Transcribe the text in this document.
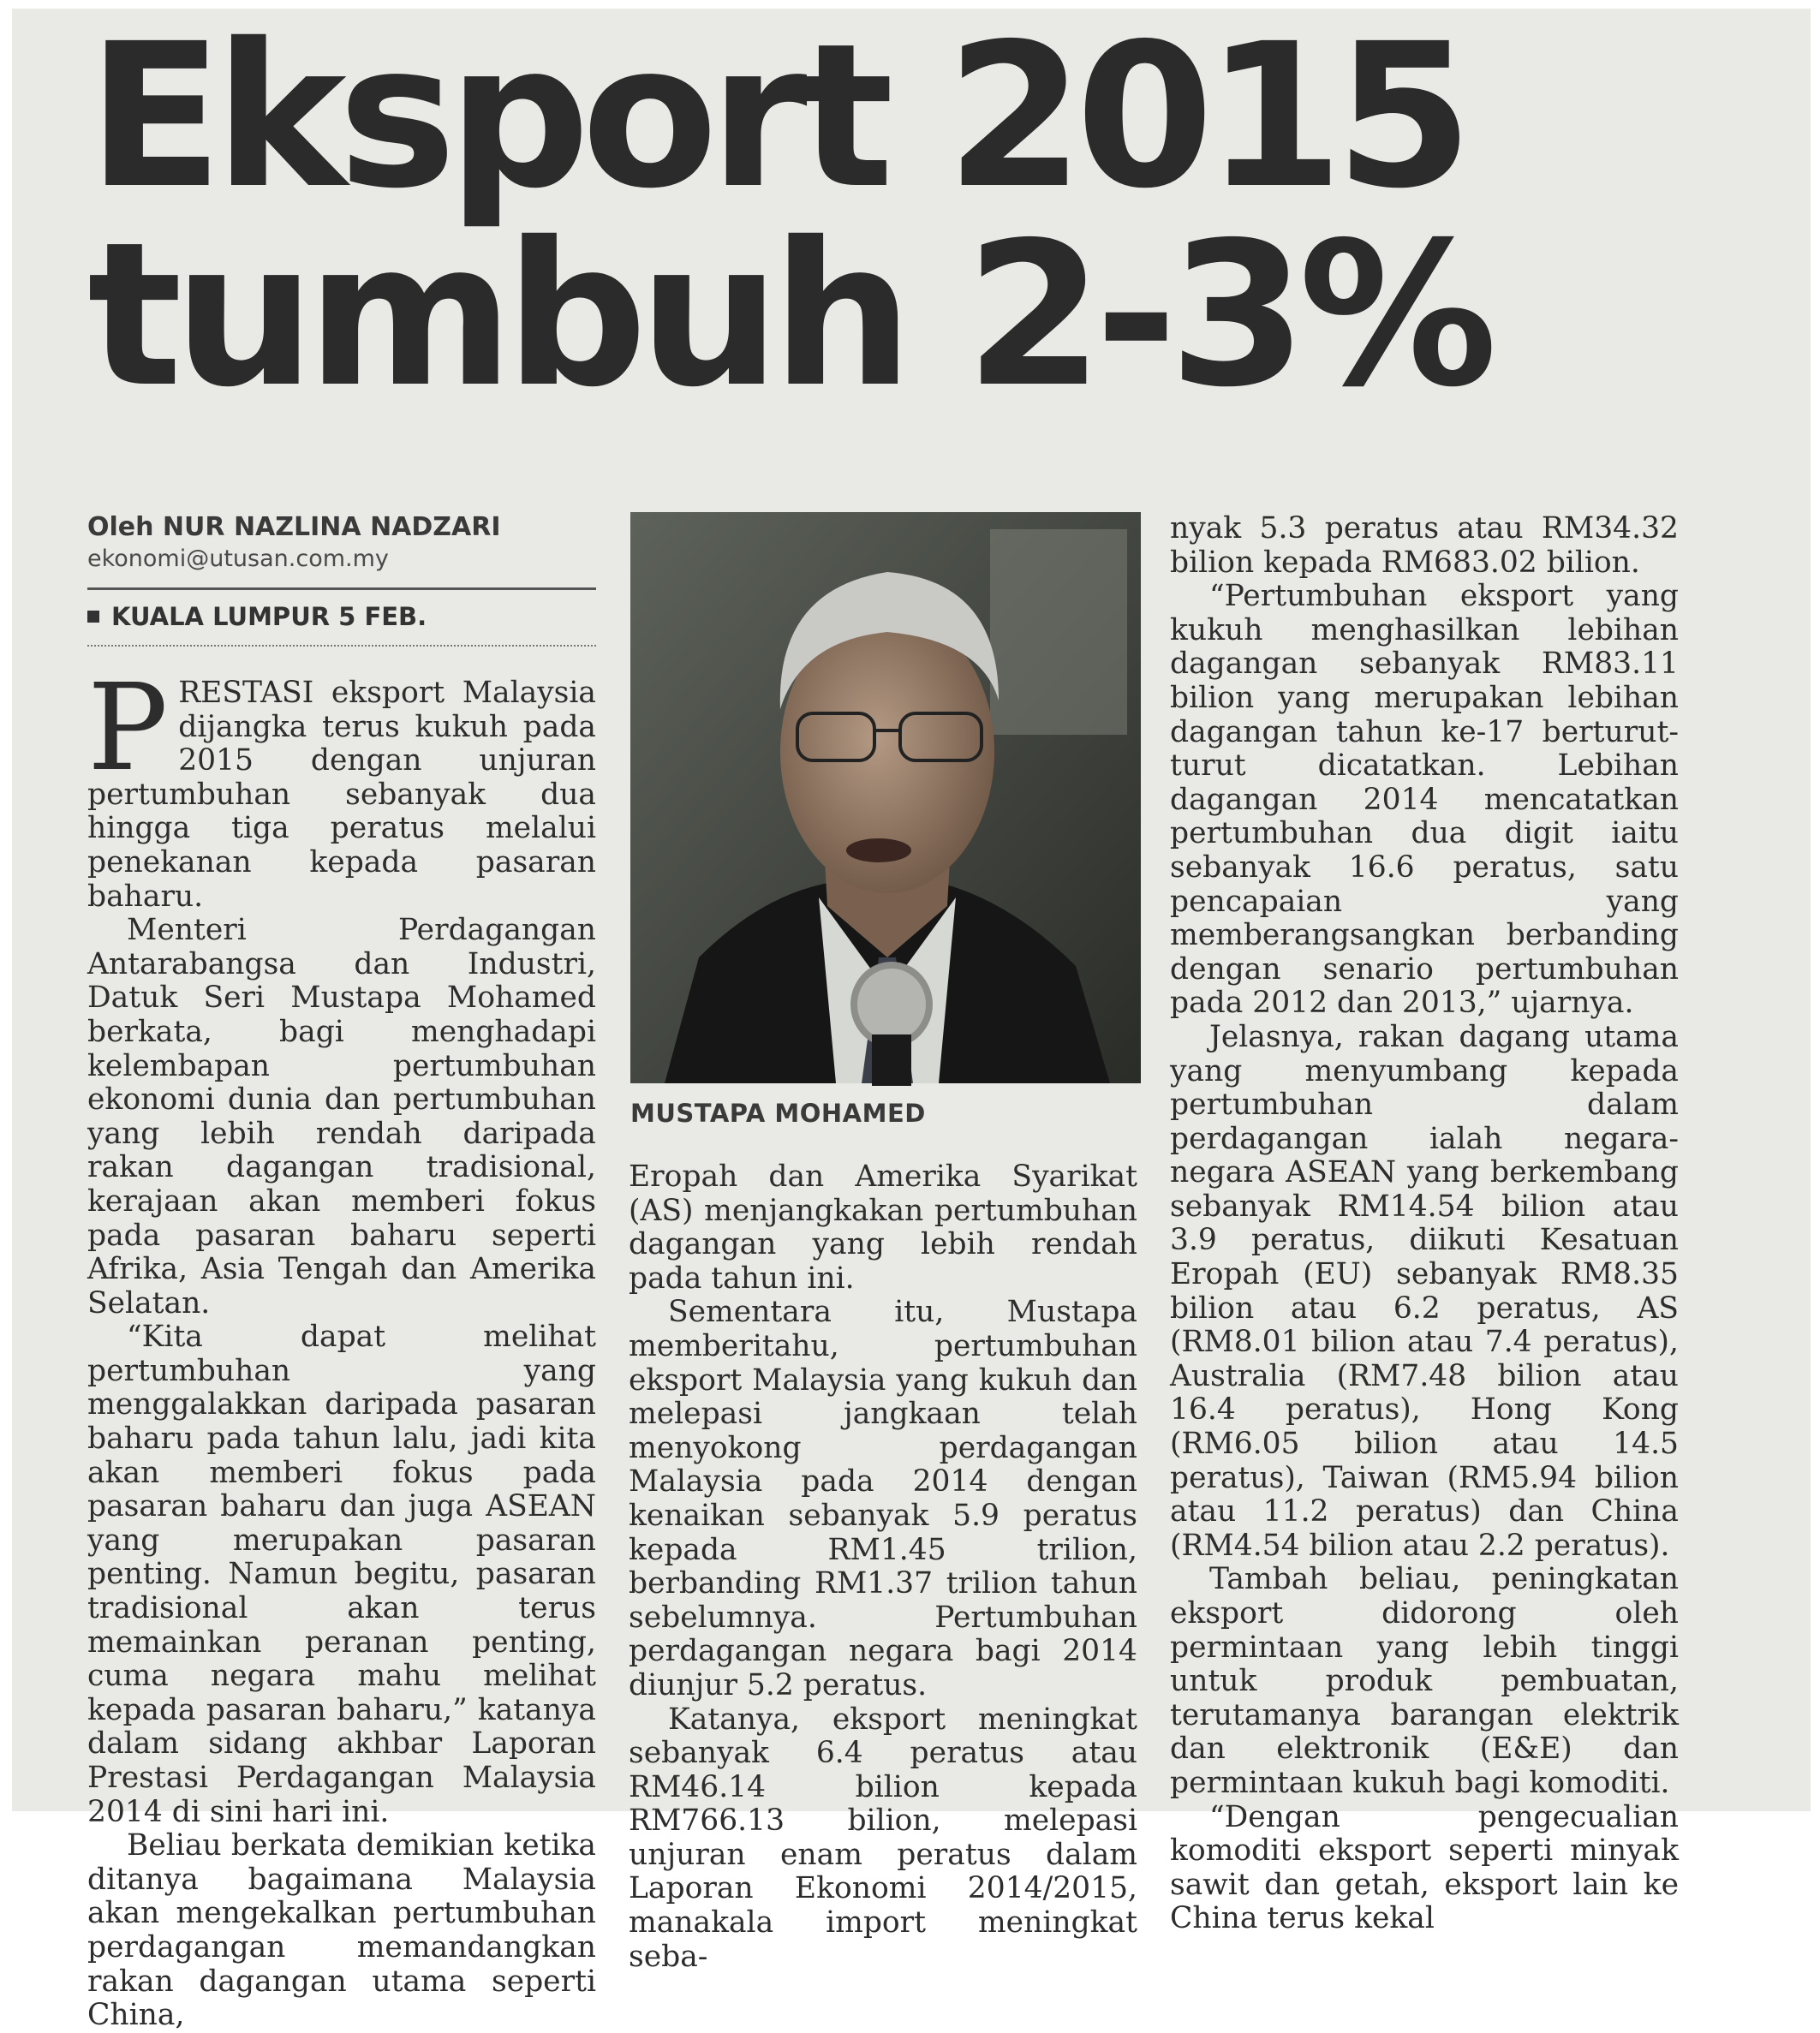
Eksport 2015
tumbuh 2-3%
Oleh NUR NAZLINA NADZARI
ekonomi@utusan.com.my
KUALA LUMPUR 5 FEB.

PRESTASI eksport Malaysia dijangka terus kukuh pada 2015 dengan unjuran pertumbuhan sebanyak dua hingga tiga peratus melalui penekanan kepada pasaran baharu.

Menteri Perdagangan Antarabangsa dan Industri, Datuk Seri Mustapa Mohamed berkata, bagi menghadapi kelembapan pertumbuhan ekonomi dunia dan pertumbuhan yang lebih rendah daripada rakan dagangan tradisional, kerajaan akan memberi fokus pada pasaran baharu seperti Afrika, Asia Tengah dan Amerika Selatan.

“Kita dapat melihat pertumbuhan yang menggalakkan daripada pasaran baharu pada tahun lalu, jadi kita akan memberi fokus pada pasaran baharu dan juga ASEAN yang merupakan pasaran penting. Namun begitu, pasaran tradisional akan terus memainkan peranan penting, cuma negara mahu melihat kepada pasaran baharu,” katanya dalam sidang akhbar Laporan Prestasi Perdagangan Malaysia 2014 di sini hari ini.

Beliau berkata demikian ketika ditanya bagaimana Malaysia akan mengekalkan pertumbuhan perdagangan memandangkan rakan dagangan utama seperti China,

MUSTAPA MOHAMED

Eropah dan Amerika Syarikat (AS) menjangkakan pertumbuhan dagangan yang lebih rendah pada tahun ini.

Sementara itu, Mustapa memberitahu, pertumbuhan eksport Malaysia yang kukuh dan melepasi jangkaan telah menyokong perdagangan Malaysia pada 2014 dengan kenaikan sebanyak 5.9 peratus kepada RM1.45 trilion, berbanding RM1.37 trilion tahun sebelumnya. Pertumbuhan perdagangan negara bagi 2014 diunjur 5.2 peratus.

Katanya, eksport meningkat sebanyak 6.4 peratus atau RM46.14 bilion kepada RM766.13 bilion, melepasi unjuran enam peratus dalam Laporan Ekonomi 2014/2015, manakala import meningkat seba-

nyak 5.3 peratus atau RM34.32 bilion kepada RM683.02 bilion.

“Pertumbuhan eksport yang kukuh menghasilkan lebihan dagangan sebanyak RM83.11 bilion yang merupakan lebihan dagangan tahun ke-17 berturut-turut dicatatkan. Lebihan dagangan 2014 mencatatkan pertumbuhan dua digit iaitu sebanyak 16.6 peratus, satu pencapaian yang memberangsangkan berbanding dengan senario pertumbuhan pada 2012 dan 2013,” ujarnya.

Jelasnya, rakan dagang utama yang menyumbang kepada pertumbuhan dalam perdagangan ialah negara-negara ASEAN yang berkembang sebanyak RM14.54 bilion atau 3.9 peratus, diikuti Kesatuan Eropah (EU) sebanyak RM8.35 bilion atau 6.2 peratus, AS (RM8.01 bilion atau 7.4 peratus), Australia (RM7.48 bilion atau 16.4 peratus), Hong Kong (RM6.05 bilion atau 14.5 peratus), Taiwan (RM5.94 bilion atau 11.2 peratus) dan China (RM4.54 bilion atau 2.2 peratus).

Tambah beliau, peningkatan eksport didorong oleh permintaan yang lebih tinggi untuk produk pembuatan, terutamanya barangan elektrik dan elektronik (E&E) dan permintaan kukuh bagi komoditi.

“Dengan pengecualian komoditi eksport seperti minyak sawit dan getah, eksport lain ke China terus kekal
